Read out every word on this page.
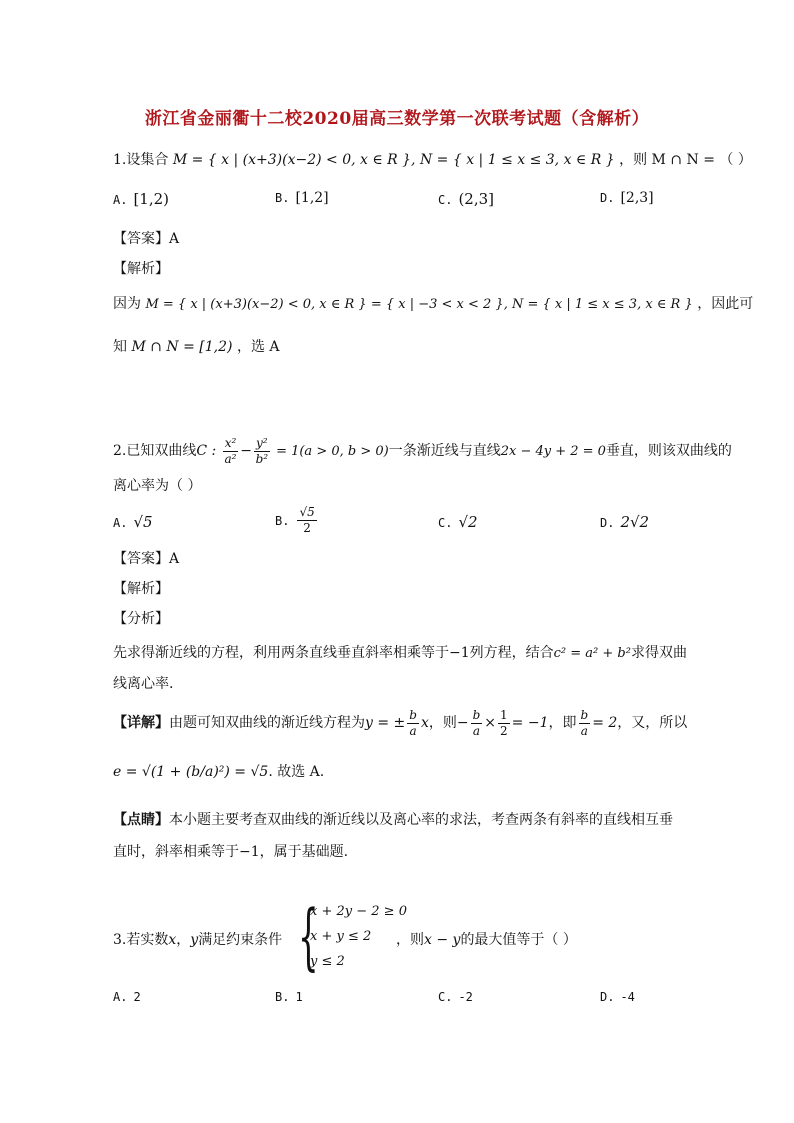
浙江省金丽衢十二校2020届高三数学第一次联考试题（含解析）
1.设集合 M = { x | (x+3)(x−2) < 0, x ∈ R }, N = { x | 1 ≤ x ≤ 3, x ∈ R } ，则 M ∩ N = （ ）
A. [1,2)	B. [1,2]	C. (2,3]	D. [2,3]
【答案】A
【解析】
因为 M = { x | (x+3)(x−2) < 0, x ∈ R } = { x | −3 < x < 2 }, N = { x | 1 ≤ x ≤ 3, x ∈ R } ，因此可
知 M ∩ N = [1,2) ，选 A
2.已知双曲线C : $\frac{\text{x²}}{\text{a²}} - \frac{\text{y²}}{\text{b²}} = 1(a > 0$, b > 0)一条渐近线与直线2x − 4y + 2 = 0垂直，则该双曲线的
离心率为（ ）
A. √5	B. $\frac{√5}{2}$	C. √2	D. 2√2
【答案】A
【解析】
【分析】
先求得渐近线的方程，利用两条直线垂直斜率相乘等于−1列方程，结合c² = a² + b²求得双曲
线离心率.
【详解】由题可知双曲线的渐近线方程为y = ± $\frac{b}{a}$ x，则− $\frac{b}{a} \times \frac{1}{2} = -1$，即 $\frac{b}{a} = 2$，又，所以
e = √(1 + (b/a)²) = √5. 故选 A.
【点睛】本小题主要考查双曲线的渐近线以及离心率的求法，考查两条有斜率的直线相互垂
直时，斜率相乘等于−1，属于基础题.
3.若实数x，y满足约束条件 {
x + 2y − 2 ≥ 0
x + y ≤ 2
y ≤ 2
，则x − y的最大值等于（ ）
A. 2	B. 1	C. -2	D. -4
